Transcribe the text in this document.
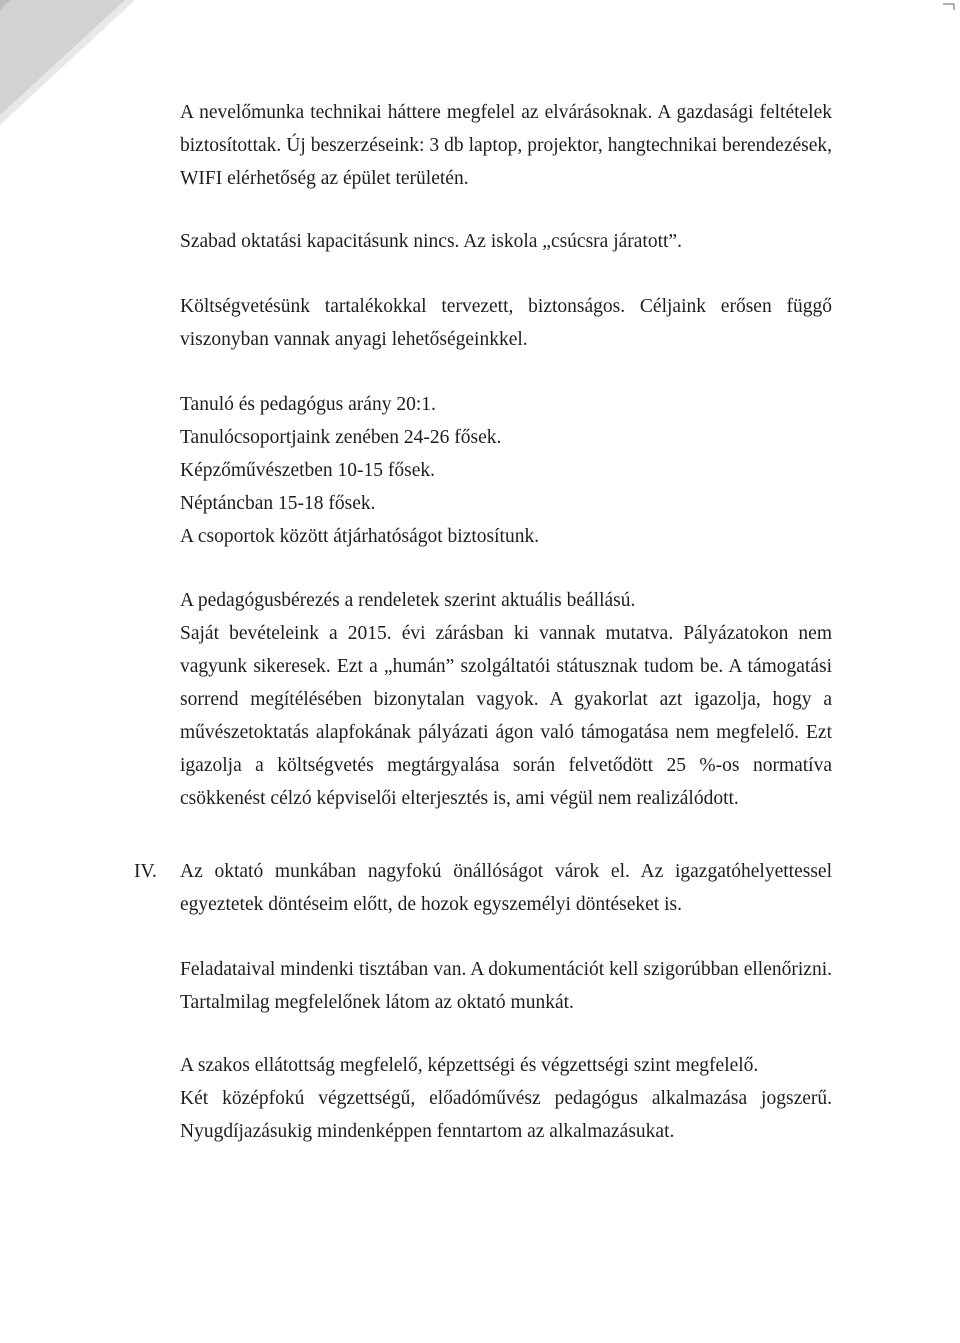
A nevelőmunka technikai háttere megfelel az elvárásoknak. A gazdasági feltételek biztosítottak. Új beszerzéseink: 3 db laptop, projektor, hangtechnikai berendezések, WIFI elérhetőség az épület területén.
Szabad oktatási kapacitásunk nincs. Az iskola „csúcsra járatott”.
Költségvetésünk tartalékokkal tervezett, biztonságos. Céljaink erősen függő viszonyban vannak anyagi lehetőségeinkkel.
Tanuló és pedagógus arány 20:1.
Tanulócsoportjaink zenében 24-26 fősek.
Képzőművészetben 10-15 fősek.
Néptáncban 15-18 fősek.
A csoportok között átjárhatóságot biztosítunk.
A pedagógusbérezés a rendeletek szerint aktuális beállású.
Saját bevételeink a 2015. évi zárásban ki vannak mutatva. Pályázatokon nem vagyunk sikeresek. Ezt a „humán” szolgáltatói státusznak tudom be. A támogatási sorrend megítélésében bizonytalan vagyok. A gyakorlat azt igazolja, hogy a művészetoktatás alapfokának pályázati ágon való támogatása nem megfelelő. Ezt igazolja a költségvetés megtárgyalása során felvetődött 25 %-os normatíva csökkenést célzó képviselői elterjesztés is, ami végül nem realizálódott.
IV. Az oktató munkában nagyfokú önállóságot várok el. Az igazgatóhelyettessel egyeztetek döntéseim előtt, de hozok egyszemélyi döntéseket is.
Feladataival mindenki tisztában van. A dokumentációt kell szigorúbban ellenőrizni. Tartalmilag megfelelőnek látom az oktató munkát.
A szakos ellátottság megfelelő, képzettségi és végzettségi szint megfelelő.
Két középfokú végzettségű, előadóművész pedagógus alkalmazása jogszerű. Nyugdíjazásukig mindenképpen fenntartom az alkalmazásukat.
